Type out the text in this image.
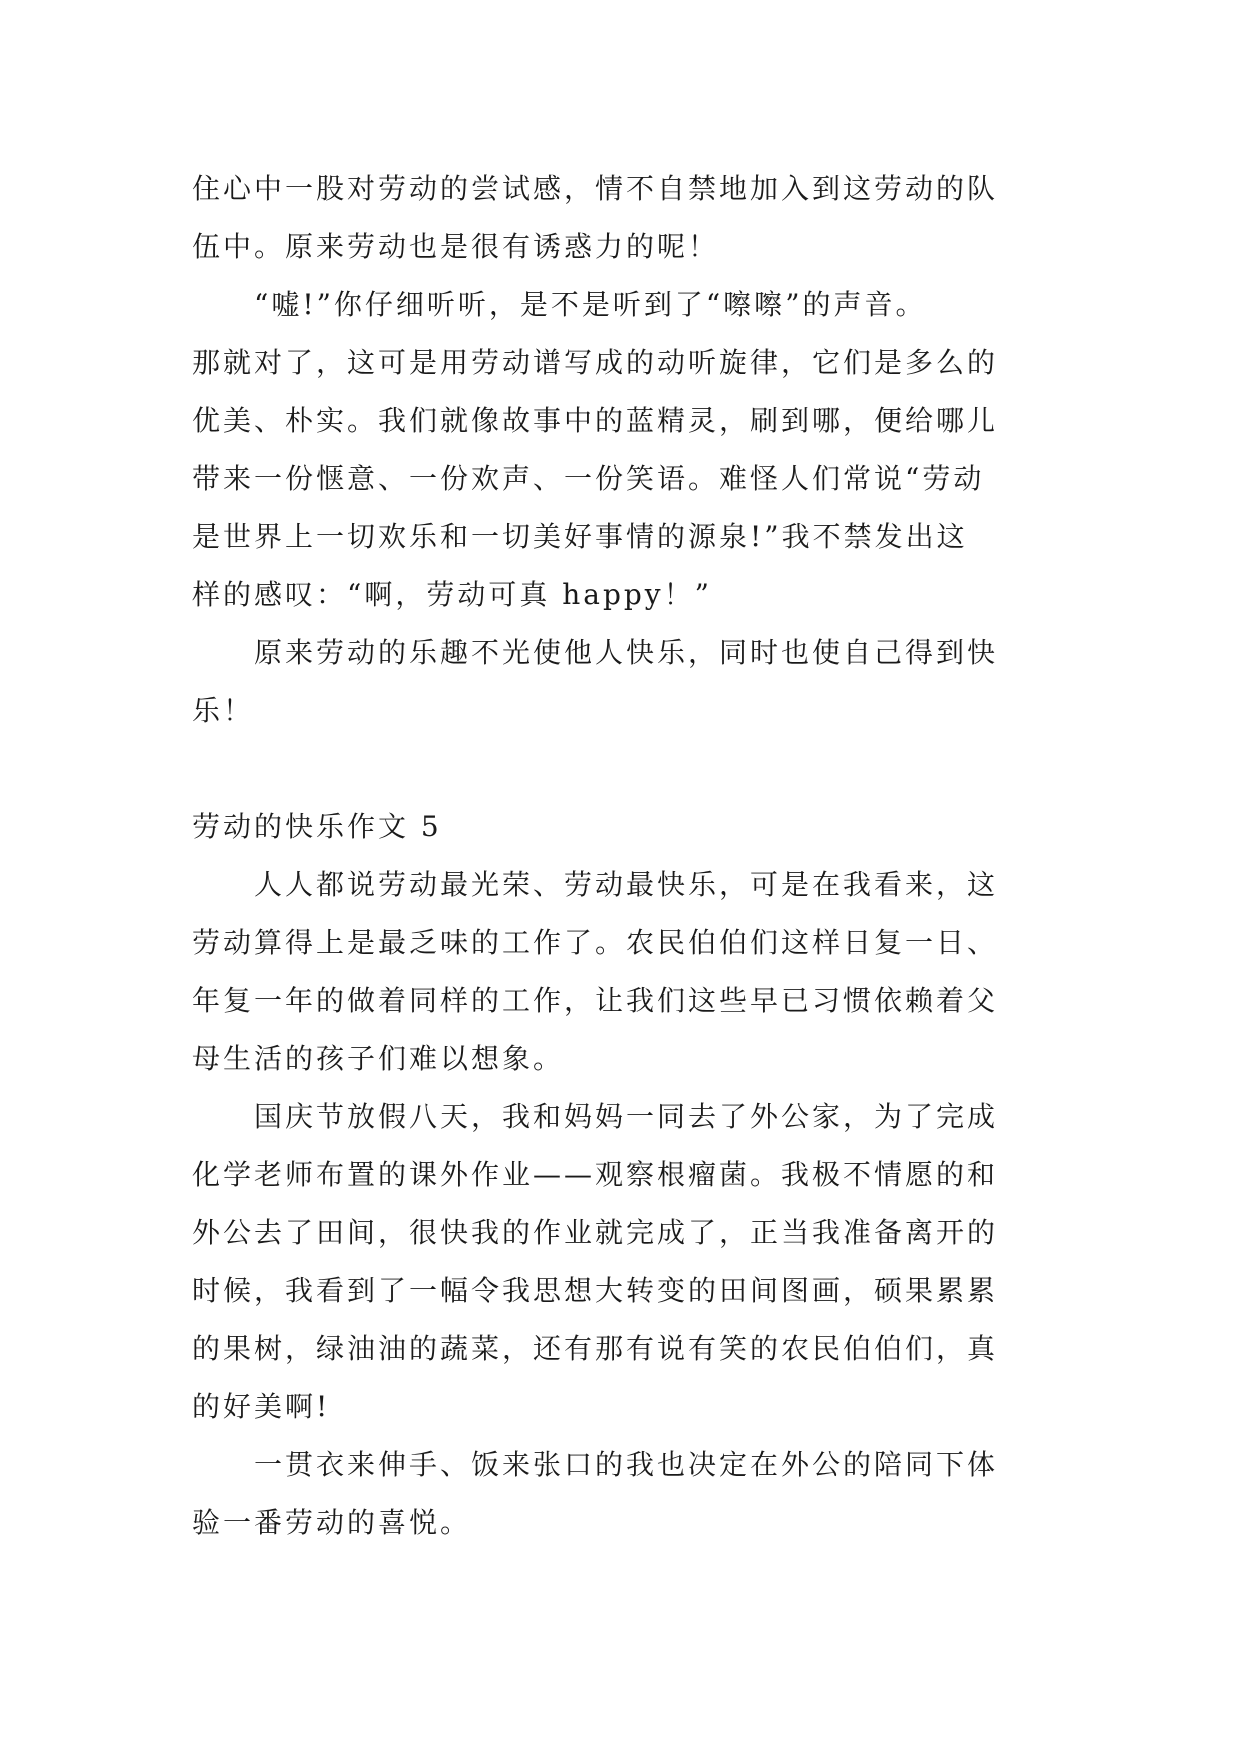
住心中一股对劳动的尝试感，情不自禁地加入到这劳动的队
伍中。原来劳动也是很有诱惑力的呢！

“嘘!”你仔细听听，是不是听到了“嚓嚓”的声音。
那就对了，这可是用劳动谱写成的动听旋律，它们是多么的
优美、朴实。我们就像故事中的蓝精灵，刷到哪，便给哪儿
带来一份惬意、一份欢声、一份笑语。难怪人们常说“劳动
是世界上一切欢乐和一切美好事情的源泉!”我不禁发出这
样的感叹：“啊，劳动可真 happy！”

原来劳动的乐趣不光使他人快乐，同时也使自己得到快
乐！

劳动的快乐作文 5

人人都说劳动最光荣、劳动最快乐，可是在我看来，这
劳动算得上是最乏味的工作了。农民伯伯们这样日复一日、
年复一年的做着同样的工作，让我们这些早已习惯依赖着父
母生活的孩子们难以想象。

国庆节放假八天，我和妈妈一同去了外公家，为了完成
化学老师布置的课外作业——观察根瘤菌。我极不情愿的和
外公去了田间，很快我的作业就完成了，正当我准备离开的
时候，我看到了一幅令我思想大转变的田间图画，硕果累累
的果树，绿油油的蔬菜，还有那有说有笑的农民伯伯们，真
的好美啊!

一贯衣来伸手、饭来张口的我也决定在外公的陪同下体
验一番劳动的喜悦。
